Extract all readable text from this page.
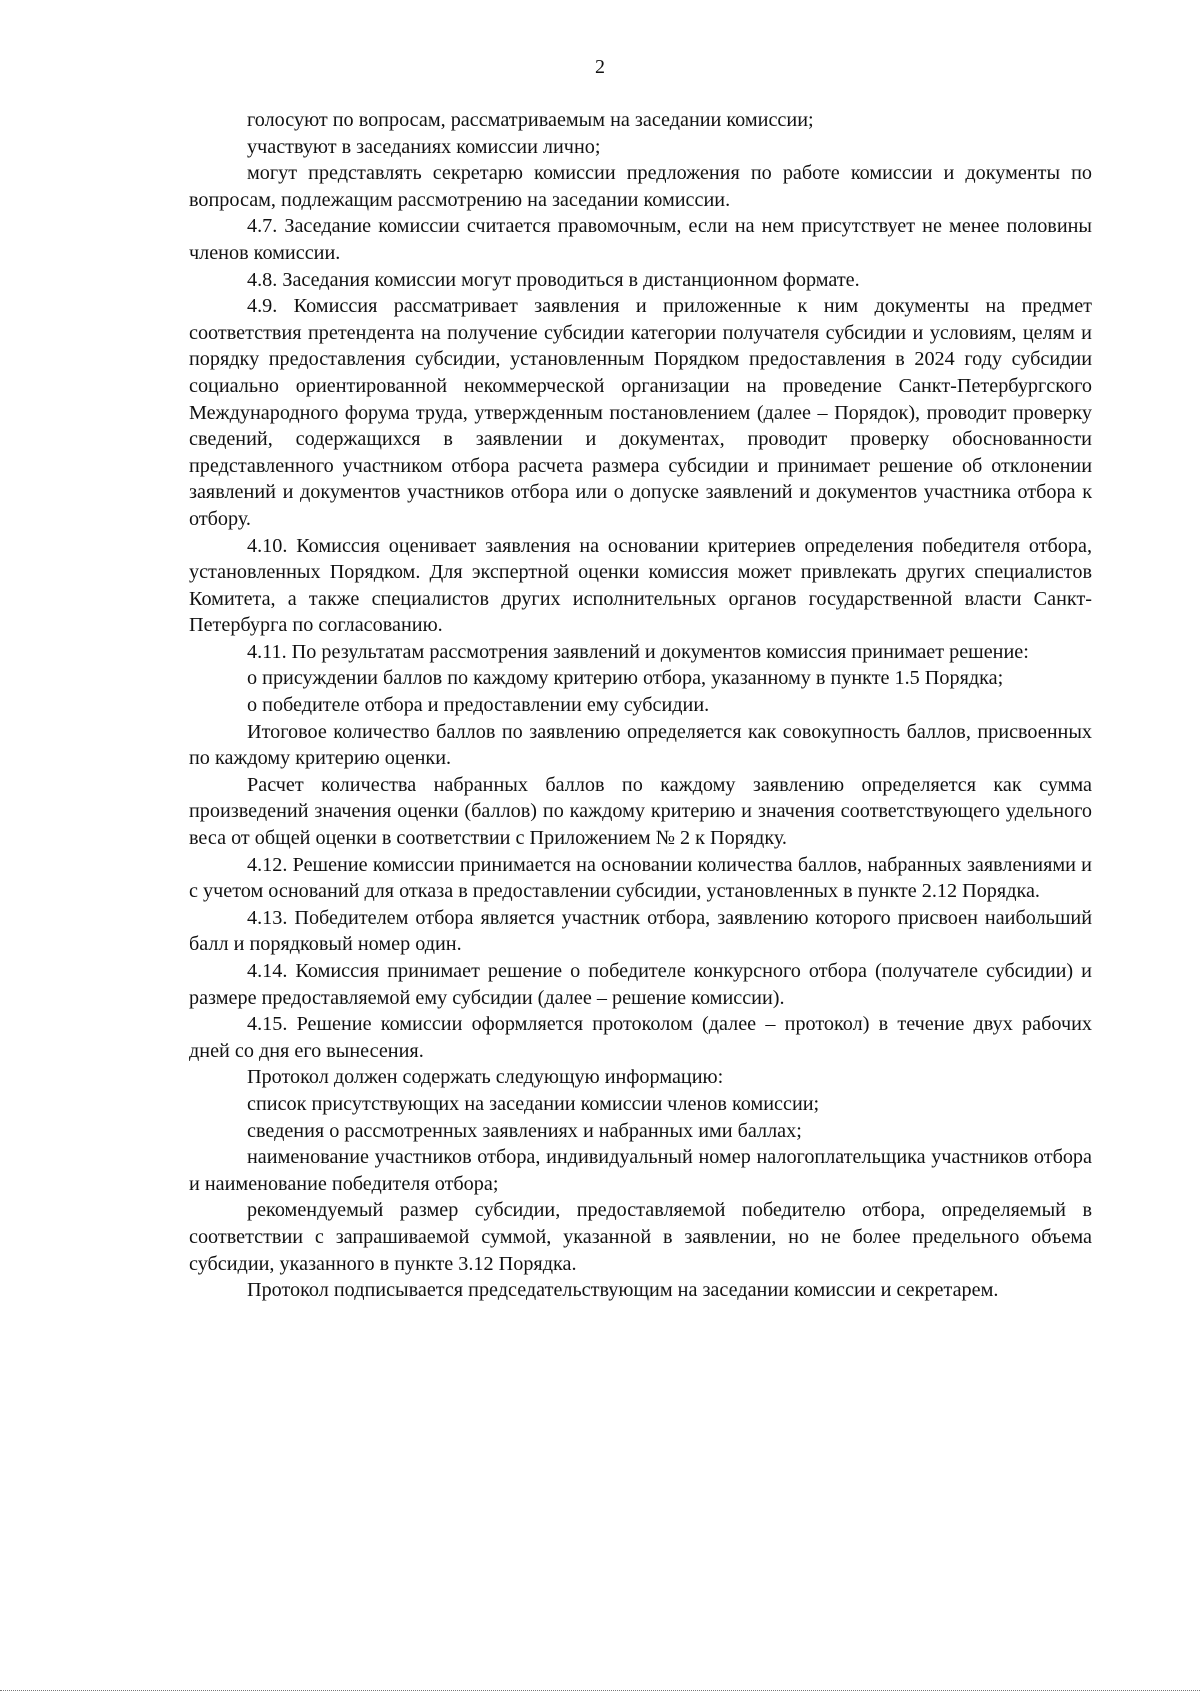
2

голосуют по вопросам, рассматриваемым на заседании комиссии;

участвуют в заседаниях комиссии лично;

могут представлять секретарю комиссии предложения по работе комиссии и документы по вопросам, подлежащим рассмотрению на заседании комиссии.

4.7. Заседание комиссии считается правомочным, если на нем присутствует не менее половины членов комиссии.

4.8. Заседания комиссии могут проводиться в дистанционном формате.

4.9. Комиссия рассматривает заявления и приложенные к ним документы на предмет соответствия претендента на получение субсидии категории получателя субсидии и условиям, целям и порядку предоставления субсидии, установленным Порядком предоставления в 2024 году субсидии социально ориентированной некоммерческой организации на проведение Санкт-Петербургского Международного форума труда, утвержденным постановлением (далее – Порядок), проводит проверку сведений, содержащихся в заявлении и документах, проводит проверку обоснованности представленного участником отбора расчета размера субсидии и принимает решение об отклонении заявлений и документов участников отбора или о допуске заявлений и документов участника отбора к отбору.

4.10. Комиссия оценивает заявления на основании критериев определения победителя отбора, установленных Порядком. Для экспертной оценки комиссия может привлекать других специалистов Комитета, а также специалистов других исполнительных органов государственной власти Санкт-Петербурга по согласованию.

4.11. По результатам рассмотрения заявлений и документов комиссия принимает решение:

о присуждении баллов по каждому критерию отбора, указанному в пункте 1.5 Порядка;

о победителе отбора и предоставлении ему субсидии.

Итоговое количество баллов по заявлению определяется как совокупность баллов, присвоенных по каждому критерию оценки.

Расчет количества набранных баллов по каждому заявлению определяется как сумма произведений значения оценки (баллов) по каждому критерию и значения соответствующего удельного веса от общей оценки в соответствии с Приложением № 2 к Порядку.

4.12. Решение комиссии принимается на основании количества баллов, набранных заявлениями и с учетом оснований для отказа в предоставлении субсидии, установленных в пункте 2.12 Порядка.

4.13. Победителем отбора является участник отбора, заявлению которого присвоен наибольший балл и порядковый номер один.

4.14. Комиссия принимает решение о победителе конкурсного отбора (получателе субсидии) и размере предоставляемой ему субсидии (далее – решение комиссии).

4.15. Решение комиссии оформляется протоколом (далее – протокол) в течение двух рабочих дней со дня его вынесения.

Протокол должен содержать следующую информацию:

список присутствующих на заседании комиссии членов комиссии;

сведения о рассмотренных заявлениях и набранных ими баллах;

наименование участников отбора, индивидуальный номер налогоплательщика участников отбора и наименование победителя отбора;

рекомендуемый размер субсидии, предоставляемой победителю отбора, определяемый в соответствии с запрашиваемой суммой, указанной в заявлении, но не более предельного объема субсидии, указанного в пункте 3.12 Порядка.

Протокол подписывается председательствующим на заседании комиссии и секретарем.
